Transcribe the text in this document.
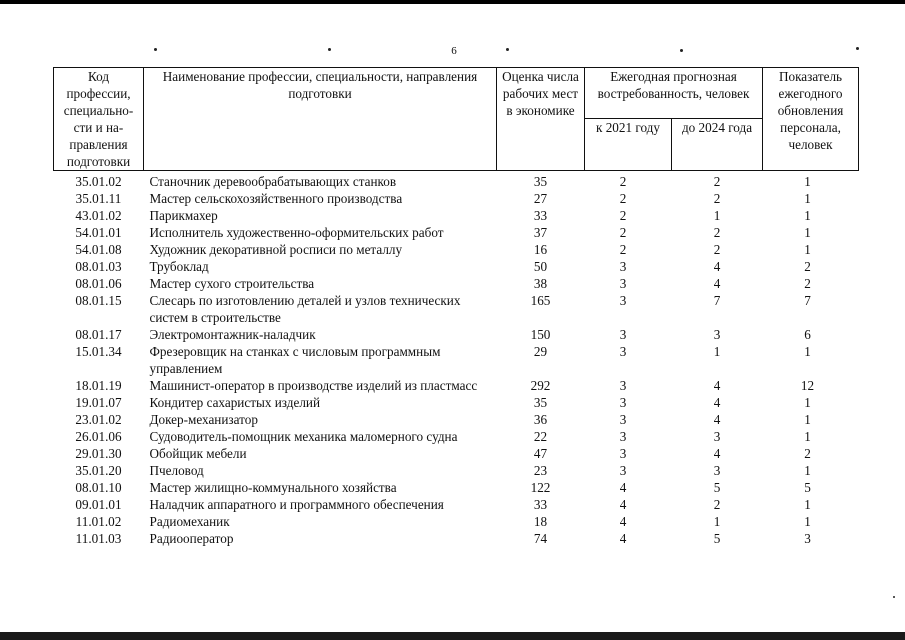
6
Код профессии, специально-сти и на-правления подготовки	Наименование профессии, специальности, направления подготовки	Оценка числа рабочих мест в экономике	Ежегодная прогнозная востребованность, человек		Показатель ежегодного обновления персонала, человек
			к 2021 году	до 2024 года	
35.01.02	Станочник деревообрабатывающих станков	35	2	2	1
35.01.11	Мастер сельскохозяйственного производства	27	2	2	1
43.01.02	Парикмахер	33	2	1	1
54.01.01	Исполнитель художественно-оформительских работ	37	2	2	1
54.01.08	Художник декоративной росписи по металлу	16	2	2	1
08.01.03	Трубоклад	50	3	4	2
08.01.06	Мастер сухого строительства	38	3	4	2
08.01.15	Слесарь по изготовлению деталей и узлов технических систем в строительстве	165	3	7	7
08.01.17	Электромонтажник-наладчик	150	3	3	6
15.01.34	Фрезеровщик на станках с числовым программным управлением	29	3	1	1
18.01.19	Машинист-оператор в производстве изделий из пластмасс	292	3	4	12
19.01.07	Кондитер сахаристых изделий	35	3	4	1
23.01.02	Докер-механизатор	36	3	4	1
26.01.06	Судоводитель-помощник механика маломерного судна	22	3	3	1
29.01.30	Обойщик мебели	47	3	4	2
35.01.20	Пчеловод	23	3	3	1
08.01.10	Мастер жилищно-коммунального хозяйства	122	4	5	5
09.01.01	Наладчик аппаратного и программного обеспечения	33	4	2	1
11.01.02	Радиомеханик	18	4	1	1
11.01.03	Радиооператор	74	4	5	3
